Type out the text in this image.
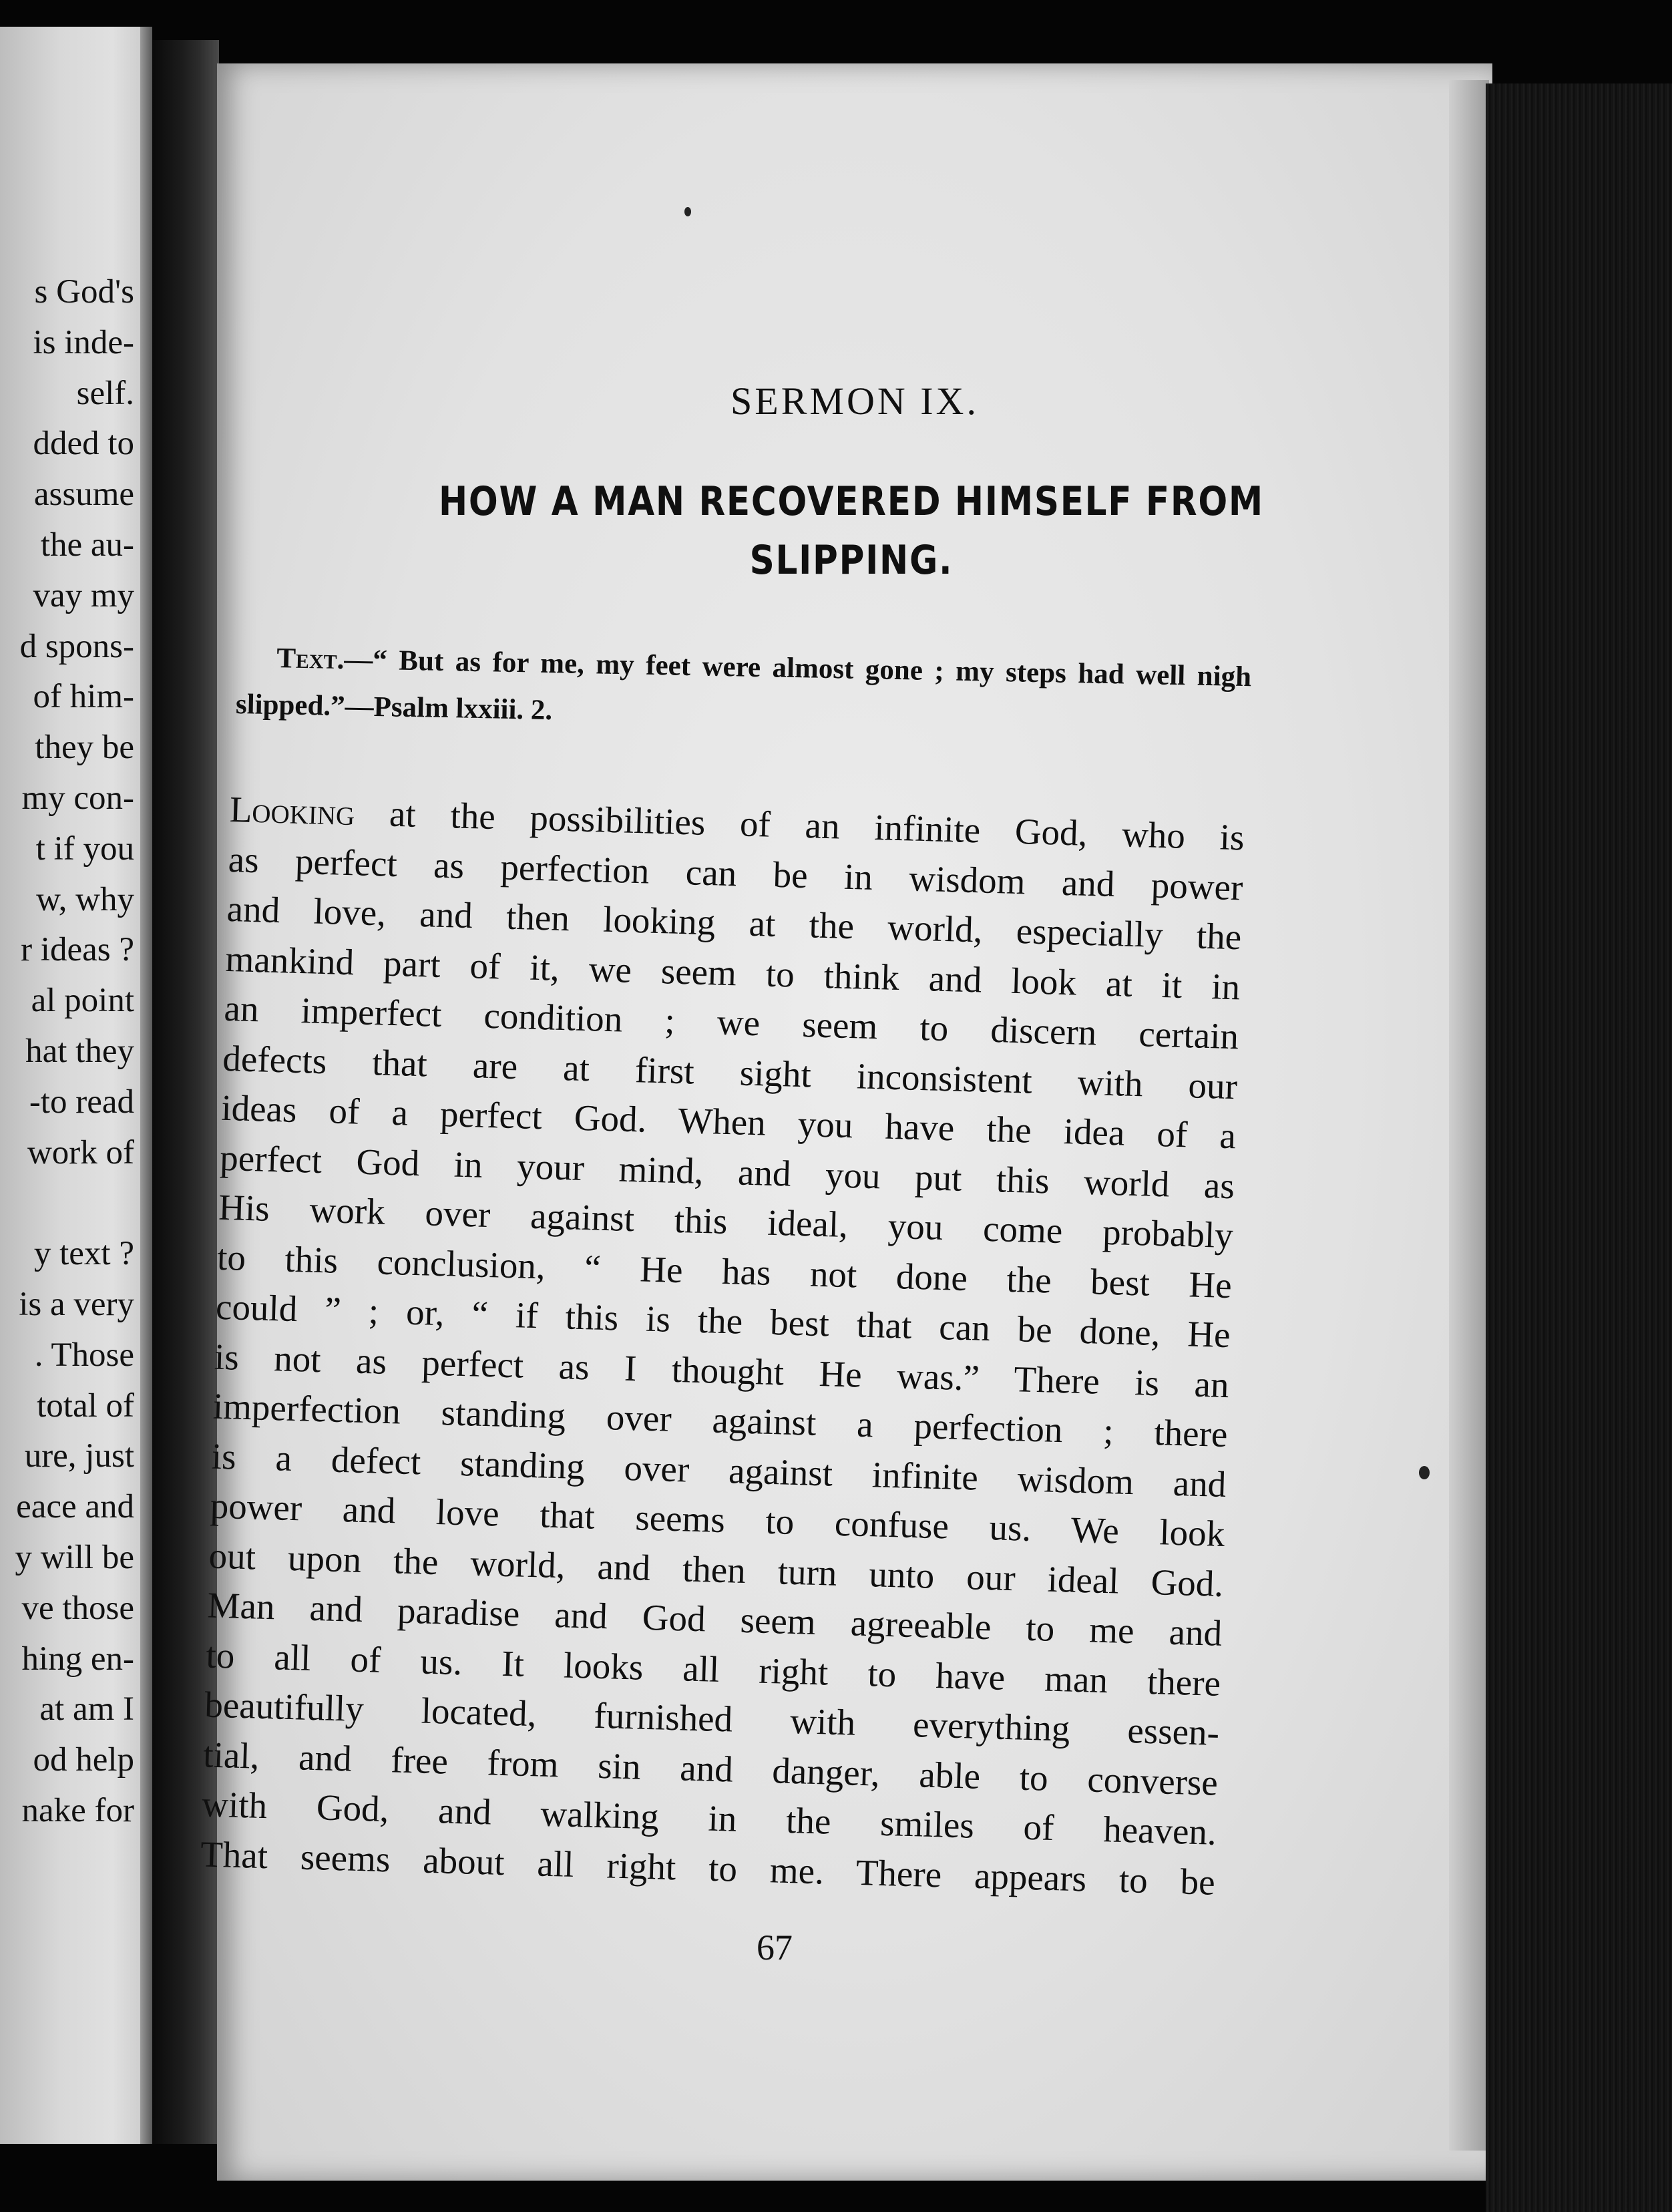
s God's
is inde-
self.
dded to
assume
the au-
vay my
d spons-
of him-
they be
my con-
t if you
w, why
r ideas ?
al point
hat they
-to read
work of
y text ?
is a very
. Those
total of
ure, just
eace and
y will be
ve those
hing en-
at am I
od help
nake for
SERMON IX.
HOW A MAN RECOVERED HIMSELF FROM
SLIPPING.
Text.—“ But as for me, my feet were almost gone ; my steps had well nigh slipped.”—Psalm lxxiii. 2.
Looking at the possibilities of an infinite God, who is
as perfect as perfection can be in wisdom and power
and love, and then looking at the world, especially the
mankind part of it, we seem to think and look at it in
an imperfect condition ; we seem to discern certain
defects that are at first sight inconsistent with our
ideas of a perfect God. When you have the idea of a
perfect God in your mind, and you put this world as
His work over against this ideal, you come probably
to this conclusion, “ He has not done the best He
could ” ; or, “ if this is the best that can be done, He
is not as perfect as I thought He was.” There is an
imperfection standing over against a perfection ; there
is a defect standing over against infinite wisdom and
power and love that seems to confuse us. We look
out upon the world, and then turn unto our ideal God.
Man and paradise and God seem agreeable to me and
to all of us. It looks all right to have man there
beautifully located, furnished with everything essen-
tial, and free from sin and danger, able to converse
with God, and walking in the smiles of heaven.
That seems about all right to me. There appears to be
67
